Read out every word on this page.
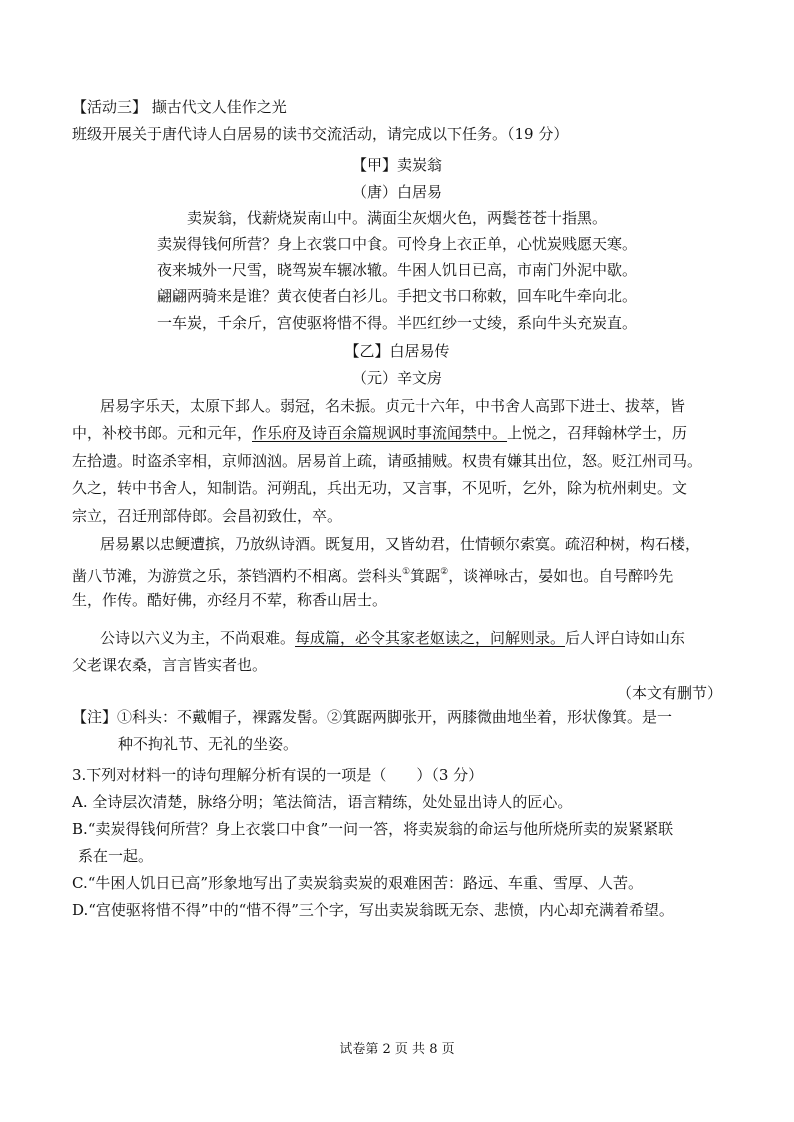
【活动三】 撷古代文人佳作之光
班级开展关于唐代诗人白居易的读书交流活动，请完成以下任务。（19 分）
【甲】卖炭翁
（唐）白居易
卖炭翁，伐薪烧炭南山中。满面尘灰烟火色，两鬓苍苍十指黑。
卖炭得钱何所营？身上衣裳口中食。可怜身上衣正单，心忧炭贱愿天寒。
夜来城外一尺雪，晓驾炭车辗冰辙。牛困人饥日已高，市南门外泥中歇。
翩翩两骑来是谁？黄衣使者白衫儿。手把文书口称敕，回车叱牛牵向北。
一车炭，千余斤，宫使驱将惜不得。半匹红纱一丈绫，系向牛头充炭直。
【乙】白居易传
（元）辛文房
居易字乐天，太原下邽人。弱冠，名未振。贞元十六年，中书舍人高郢下进士、拔萃，皆
中，补校书郎。元和元年，作乐府及诗百余篇规讽时事流闻禁中。上悦之，召拜翰林学士，历
左拾遗。时盗杀宰相，京师汹汹。居易首上疏，请亟捕贼。权贵有嫌其出位，怒。贬江州司马。
久之，转中书舍人，知制诰。河朔乱，兵出无功，又言事，不见听，乞外，除为杭州刺史。文
宗立，召迁刑部侍郎。会昌初致仕，卒。
居易累以忠鲠遭摈，乃放纵诗酒。既复用，又皆幼君，仕情顿尔索寞。疏沼种树，构石楼，
凿八节滩，为游赏之乐，茶铛酒杓不相离。尝科头①箕踞②，谈禅咏古，晏如也。自号醉吟先
生，作传。酷好佛，亦经月不荤，称香山居士。
公诗以六义为主，不尚艰难。每成篇，必令其家老妪读之，问解则录。后人评白诗如山东
父老课农桑，言言皆实者也。
（本文有删节）
【注】①科头：不戴帽子，裸露发髻。②箕踞两脚张开，两膝微曲地坐着，形状像箕。是一
种不拘礼节、无礼的坐姿。
3.下列对材料一的诗句理解分析有误的一项是（　　）（3 分）
A. 全诗层次清楚，脉络分明；笔法简洁，语言精练，处处显出诗人的匠心。
B.“卖炭得钱何所营？身上衣裳口中食”一问一答，将卖炭翁的命运与他所烧所卖的炭紧紧联
系在一起。
C.“牛困人饥日已高”形象地写出了卖炭翁卖炭的艰难困苦：路远、车重、雪厚、人苦。
D.“宫使驱将惜不得”中的“惜不得”三个字，写出卖炭翁既无奈、悲愤，内心却充满着希望。
试卷第 2 页 共 8 页
